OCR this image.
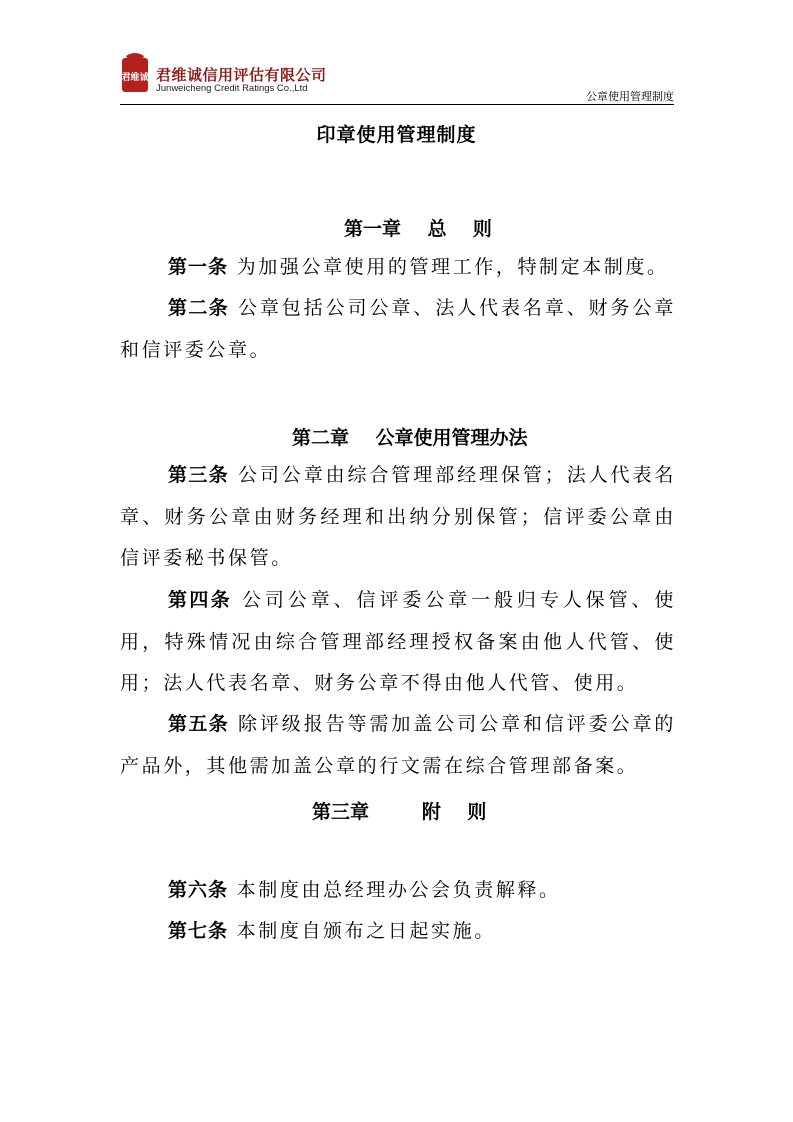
君维诚 君维诚信用评估有限公司
Junweicheng Credit Ratings Co.,Ltd
公章使用管理制度
印章使用管理制度
第一章    总    则
第一条 为加强公章使用的管理工作，特制定本制度。
第二条 公章包括公司公章、法人代表名章、财务公章和信评委公章。
第二章    公章使用管理办法
第三条 公司公章由综合管理部经理保管；法人代表名章、财务公章由财务经理和出纳分别保管；信评委公章由信评委秘书保管。
第四条 公司公章、信评委公章一般归专人保管、使用，特殊情况由综合管理部经理授权备案由他人代管、使用；法人代表名章、财务公章不得由他人代管、使用。
第五条 除评级报告等需加盖公司公章和信评委公章的产品外，其他需加盖公章的行文需在综合管理部备案。
第三章        附    则
第六条 本制度由总经理办公会负责解释。
第七条 本制度自颁布之日起实施。
